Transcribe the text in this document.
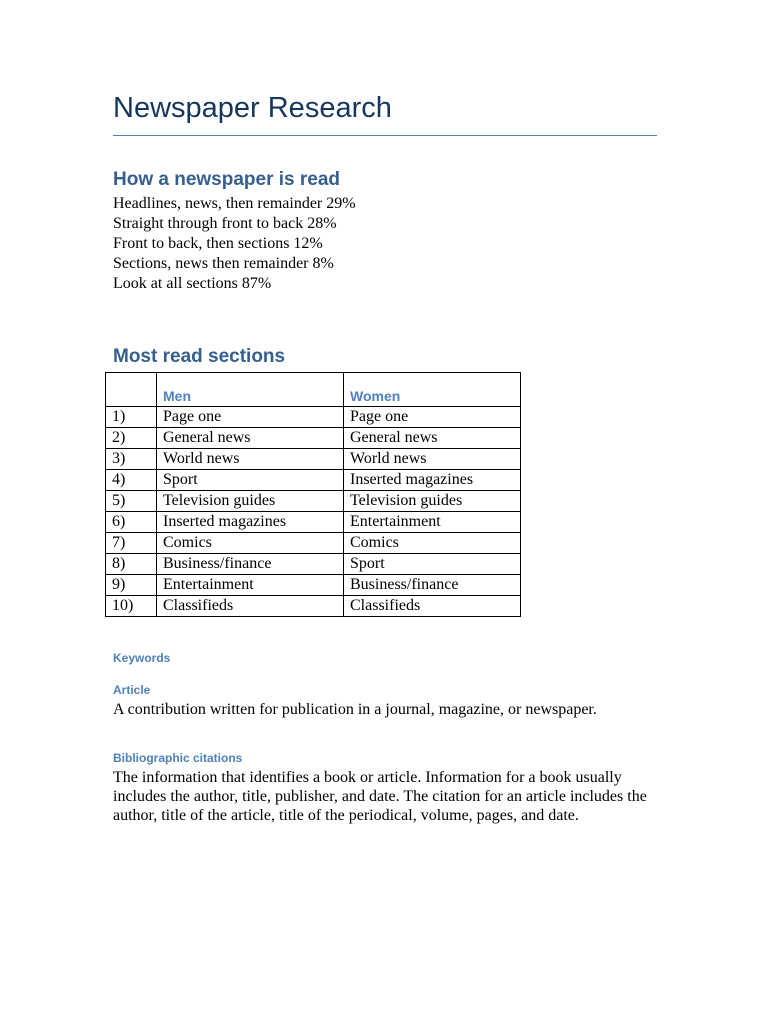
Newspaper Research
How a newspaper is read
Headlines, news, then remainder 29%
Straight through front to back 28%
Front to back, then sections 12%
Sections, news then remainder 8%
Look at all sections 87%
Most read sections
	Men	Women
1)	Page one	Page one
2)	General news	General news
3)	World news	World news
4)	Sport	Inserted magazines
5)	Television guides	Television guides
6)	Inserted magazines	Entertainment
7)	Comics	Comics
8)	Business/finance	Sport
9)	Entertainment	Business/finance
10)	Classifieds	Classifieds
Keywords
Article
A contribution written for publication in a journal, magazine, or newspaper.
Bibliographic citations
The information that identifies a book or article. Information for a book usually includes the author, title, publisher, and date. The citation for an article includes the author, title of the article, title of the periodical, volume, pages, and date.
